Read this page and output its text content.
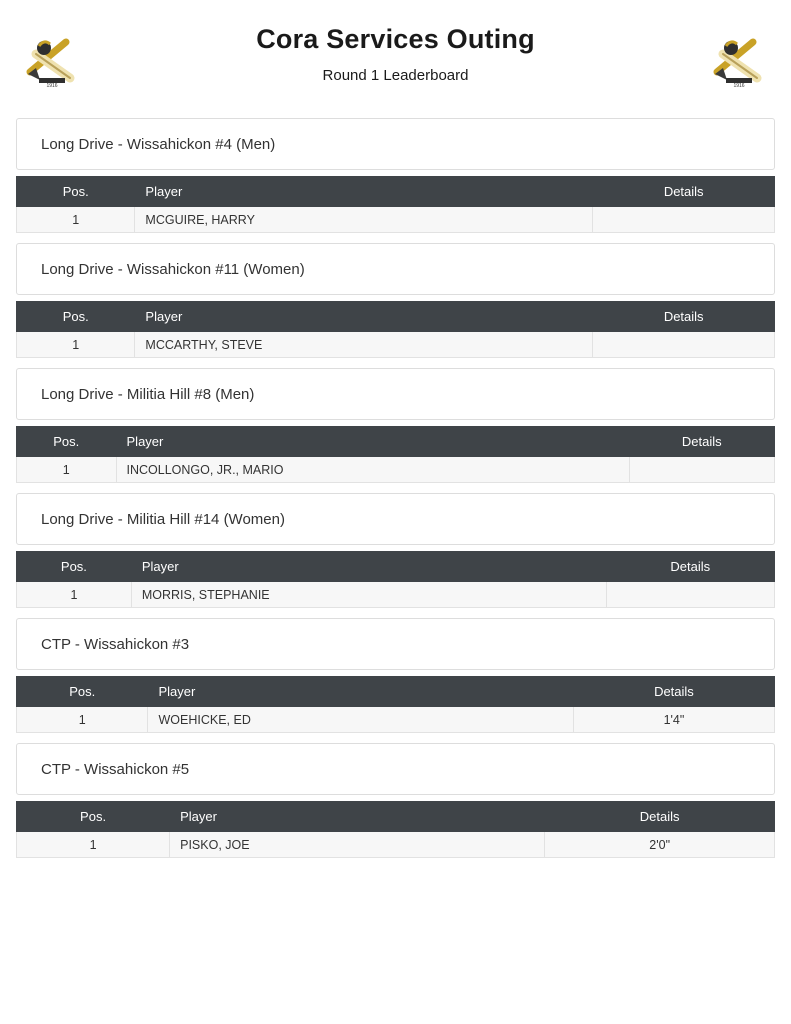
1916
Cora Services Outing

Round 1 Leaderboard

1916
Long Drive - Wissahickon #4 (Men)
Pos.	Player	Details
1	MCGUIRE, HARRY	
Long Drive - Wissahickon #11 (Women)
Pos.	Player	Details
1	MCCARTHY, STEVE	
Long Drive - Militia Hill #8 (Men)
Pos.	Player	Details
1	INCOLLONGO, JR., MARIO	
Long Drive - Militia Hill #14 (Women)
Pos.	Player	Details
1	MORRIS, STEPHANIE	
CTP - Wissahickon #3
Pos.	Player	Details
1	WOEHICKE, ED	1'4"
CTP - Wissahickon #5
Pos.	Player	Details
1	PISKO, JOE	2'0"
